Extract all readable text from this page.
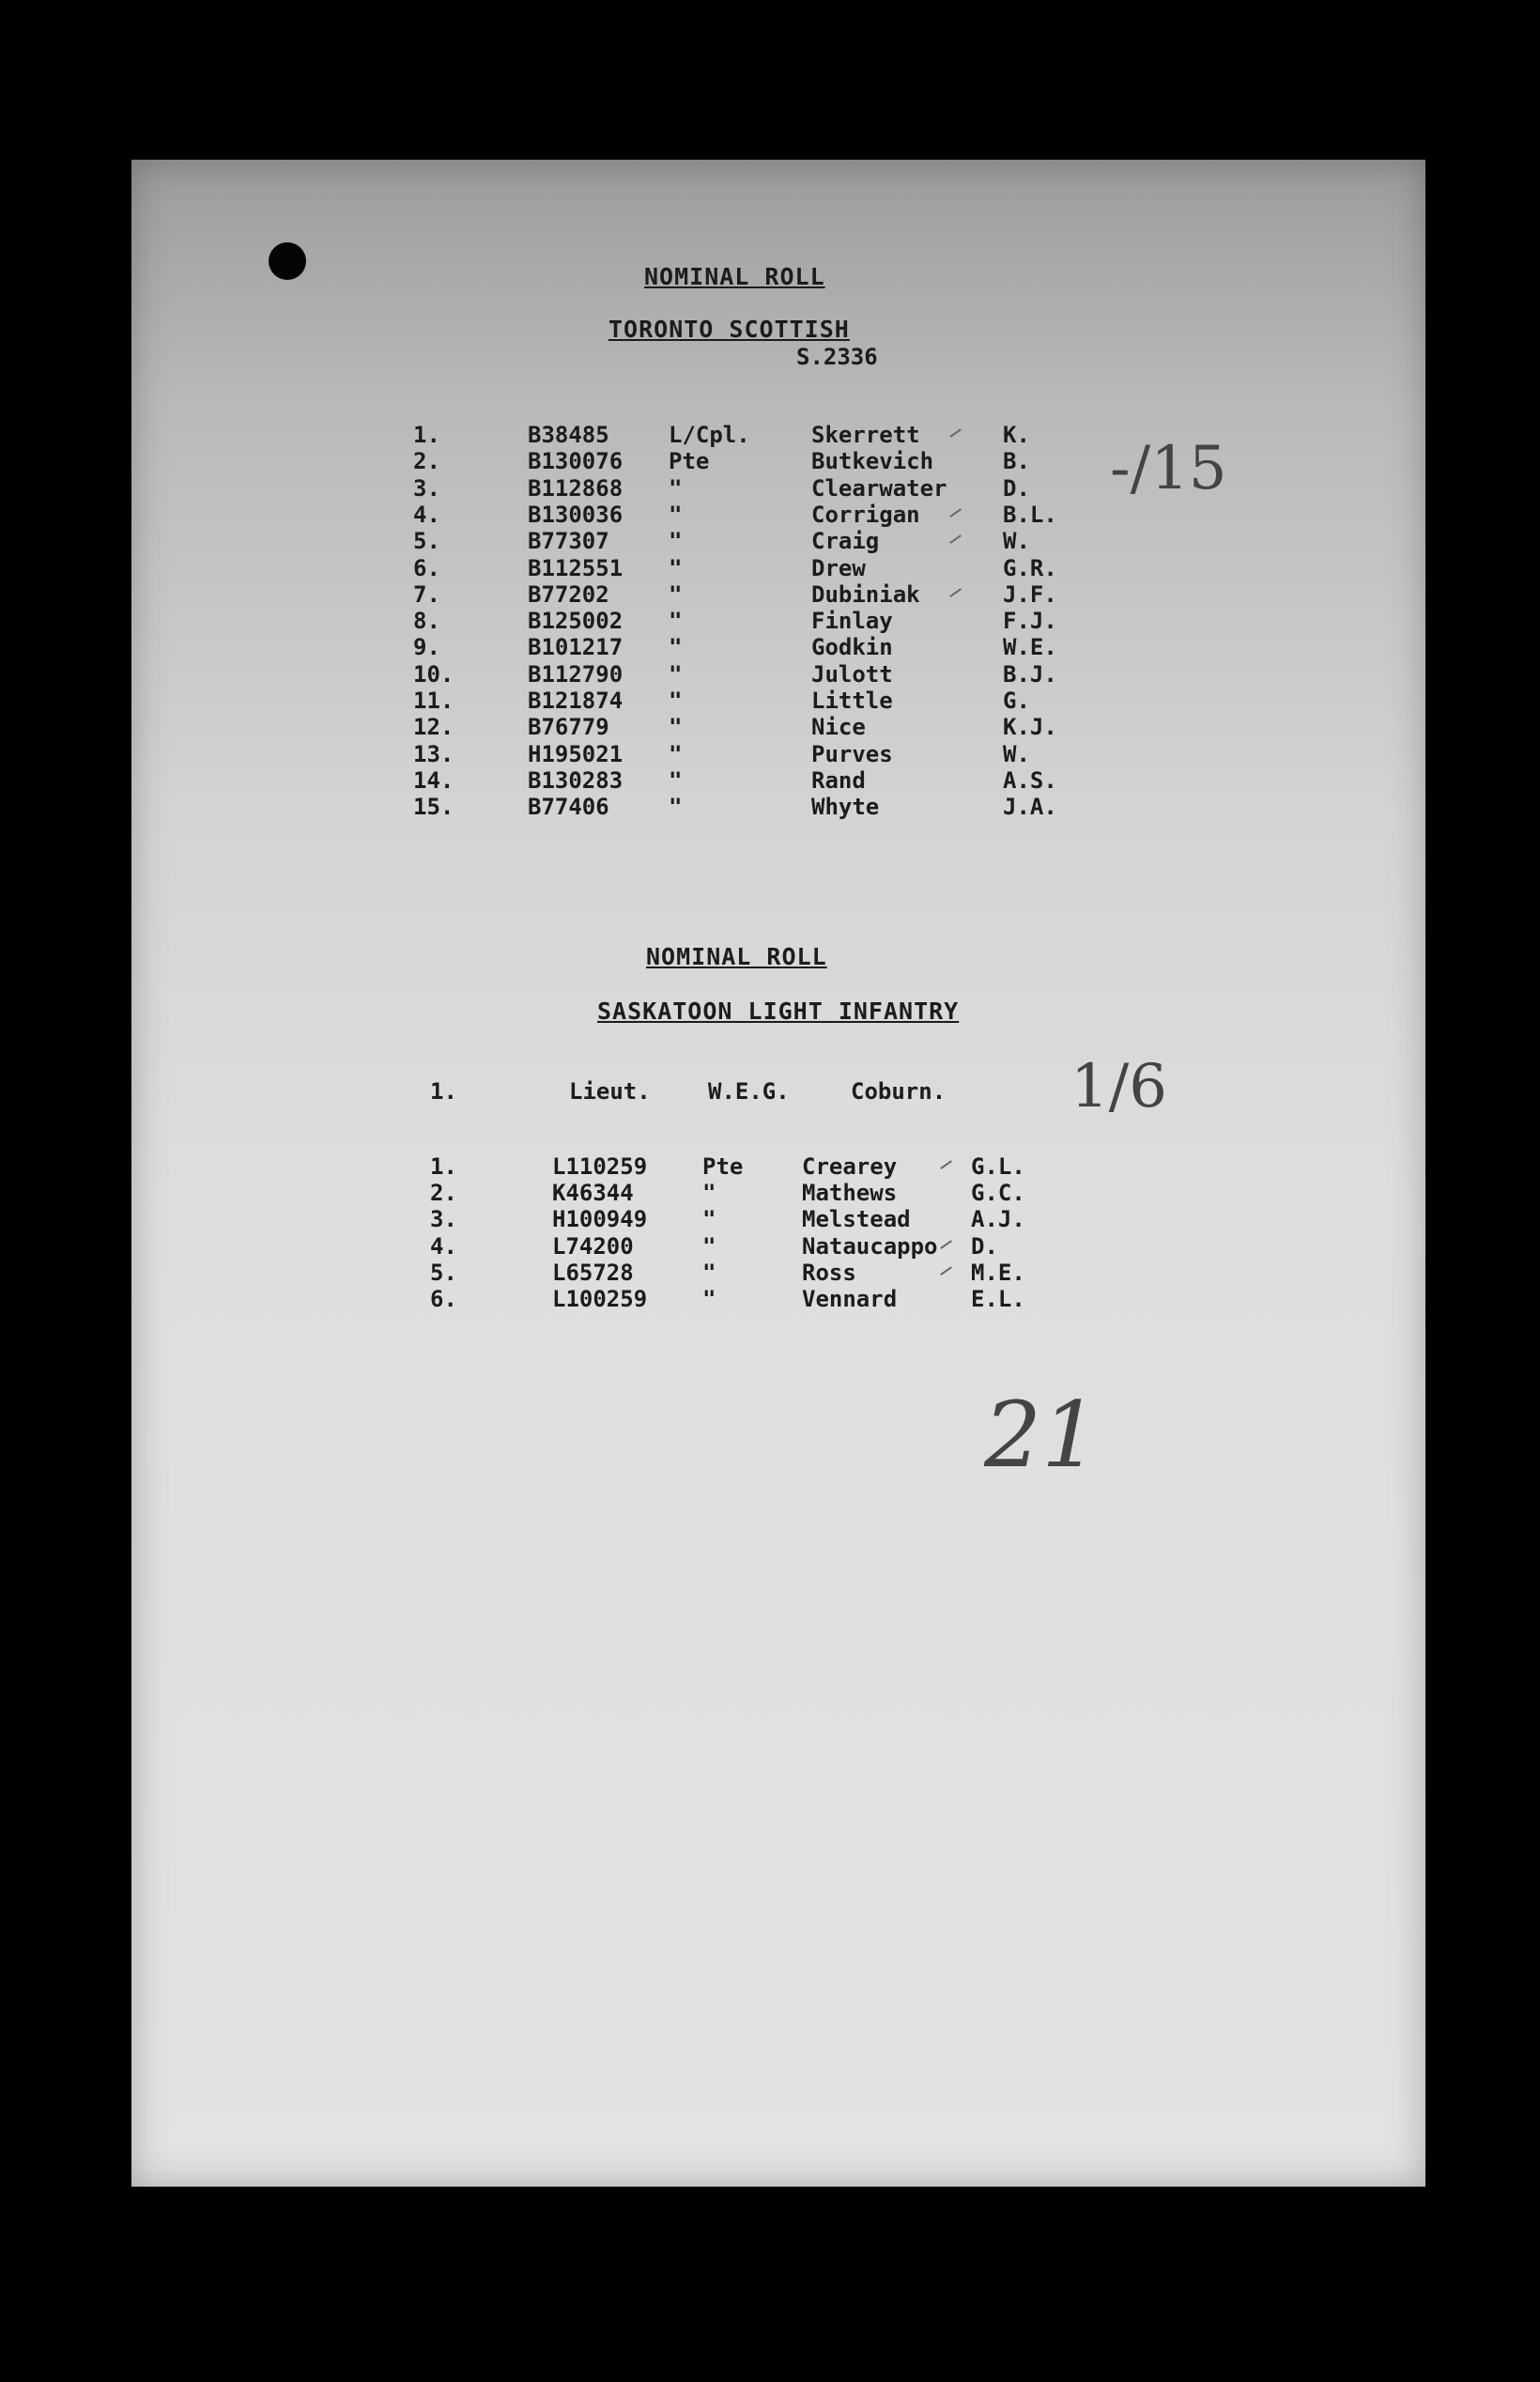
NOMINAL ROLL
TORONTO SCOTTISH
S.2336
1.	B38485	L/Cpl.	Skerrett	K.
2.	B130076 Pte	Butkevich	B.
3.	B112868 "	Clearwater D.
4.	B130036 "	Corrigan	B.L.
5.	B77307	"	Craig	W.
6.	B112551 "	Drew	G.R.
7.	B77202	"	Dubiniak	J.F.
8.	B125002 "	Finlay	F.J.
9.	B101217 "	Godkin	W.E.
10.	B112790 "	Julott	B.J.
11.	B121874 "	Little	G.
12.	B76779	"	Nice	K.J.
13.	H195021 "	Purves	W.
14.	B130283 "	Rand	A.S.
15.	B77406	"	Whyte	J.A.
-/15
NOMINAL ROLL
SASKATOON LIGHT INFANTRY
1.	Lieut.	W.E.G.	Coburn. 1/6
1.	L110259 Pte	Crearey	G.L.
2.	K46344	"	Mathews	G.C.
3.	H100949 "	Melstead	A.J.
4.	L74200	"	Nataucappo D.
5.	L65728	"	Ross	M.E.
6.	L100259 "	Vennard	E.L.
21
